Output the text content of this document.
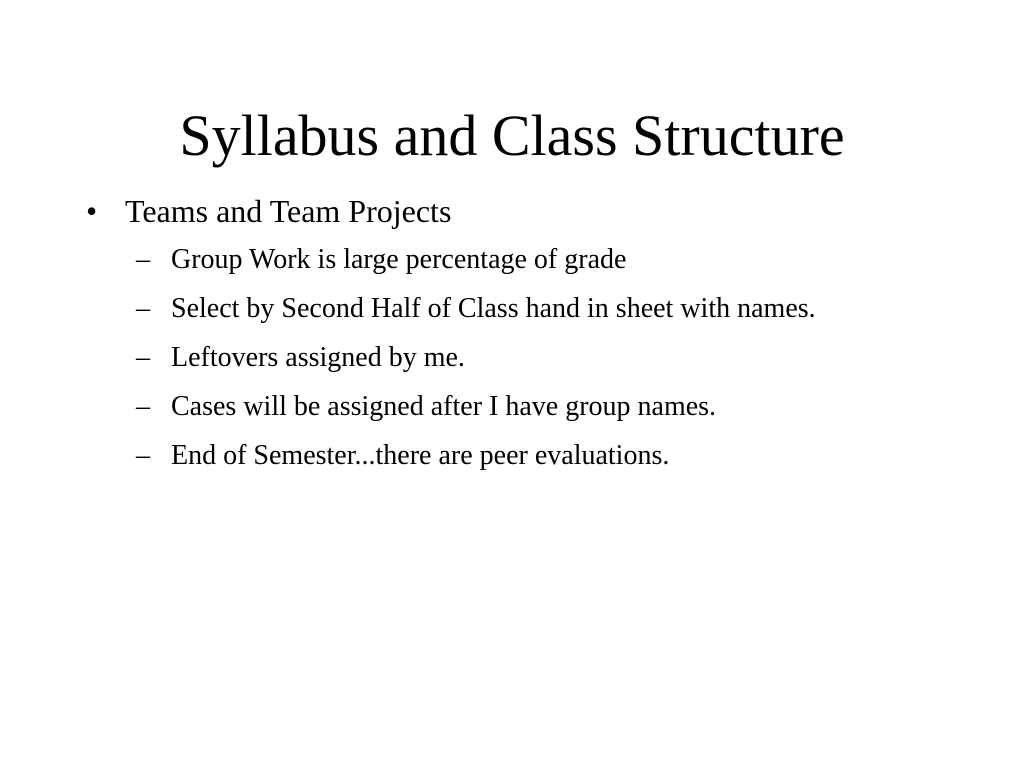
Syllabus and Class Structure
• Teams and Team Projects
– Group Work is large percentage of grade
– Select by Second Half of Class hand in sheet with names.
– Leftovers assigned by me.
– Cases will be assigned after I have group names.
– End of Semester...there are peer evaluations.
